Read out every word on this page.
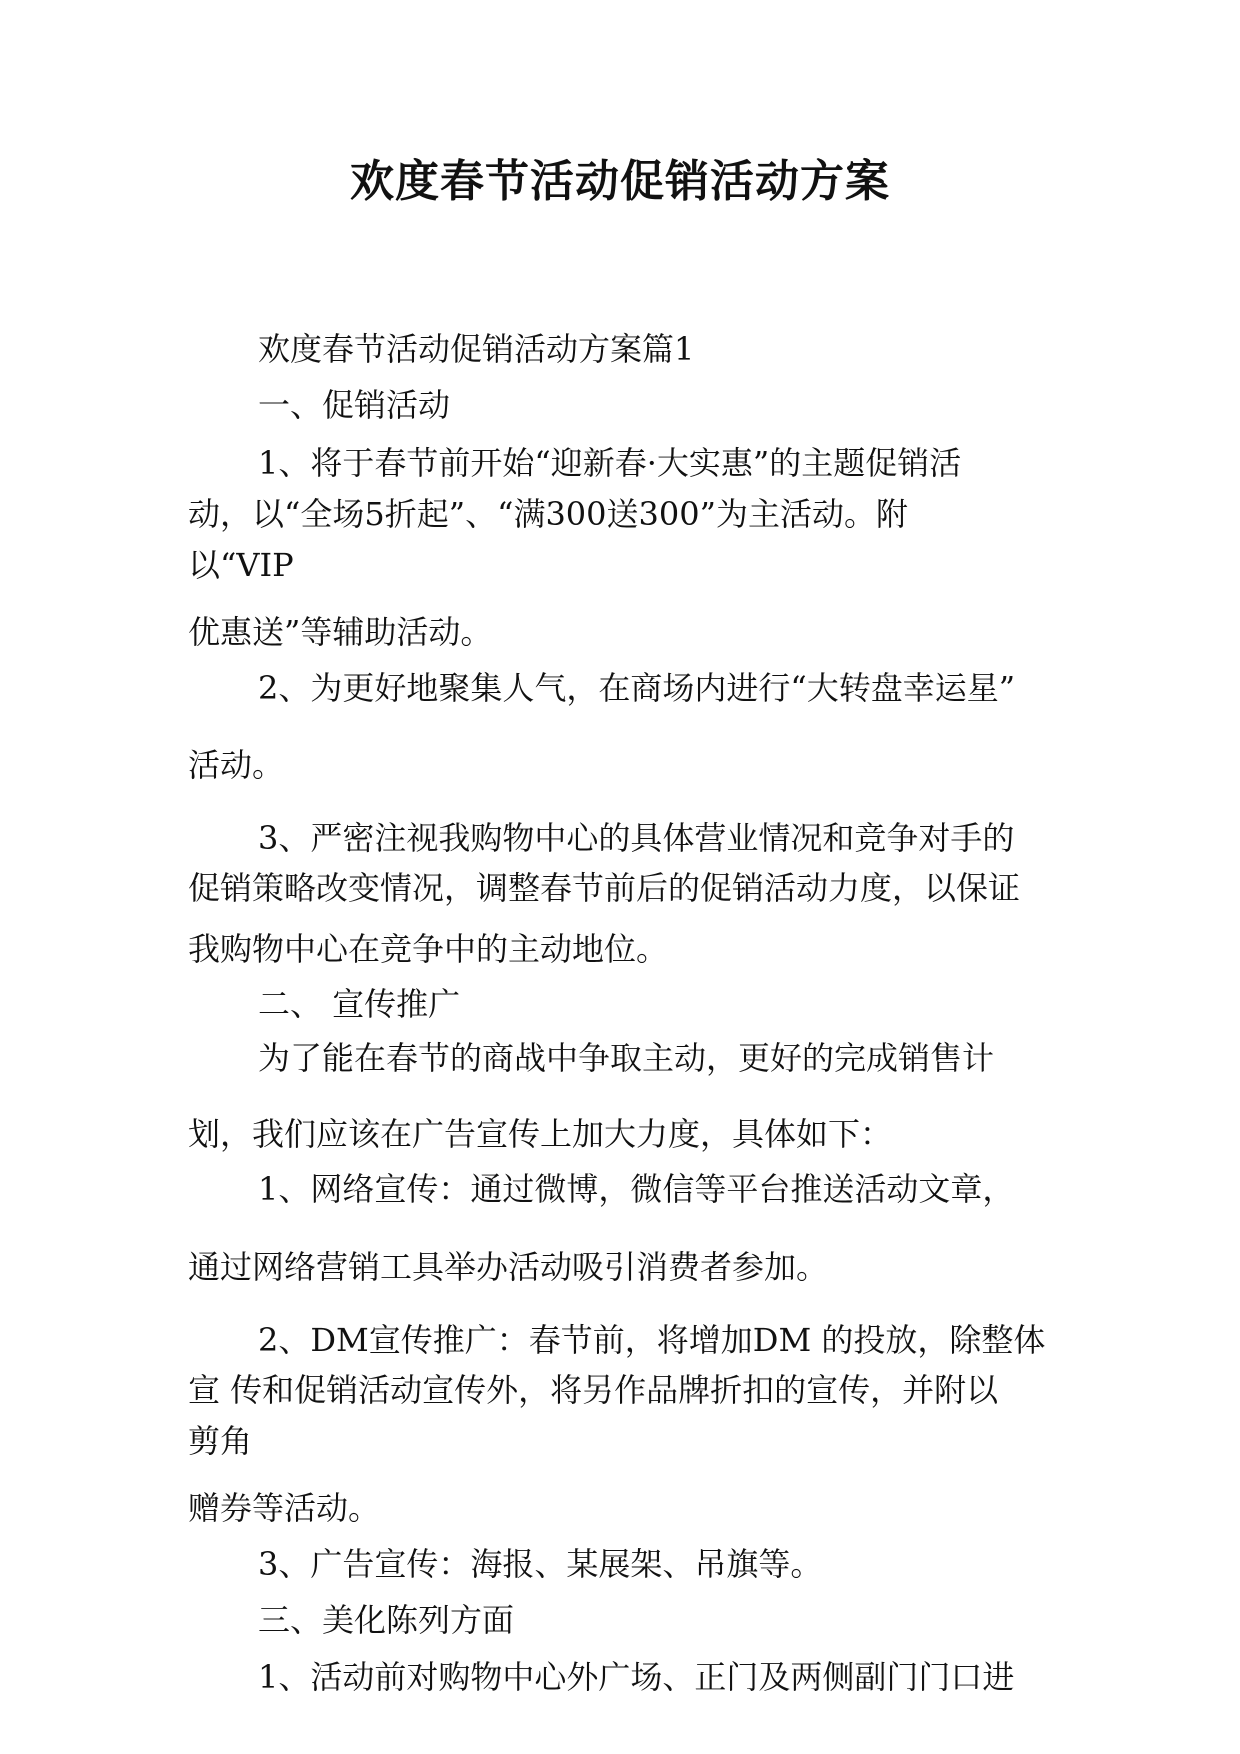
欢度春节活动促销活动方案

欢度春节活动促销活动方案篇1

一、促销活动

1、将于春节前开始“迎新春·大实惠”的主题促销活

动，以“全场5折起”、“满300送300”为主活动。附

以“VIP

优惠送”等辅助活动。

2、为更好地聚集人气，在商场内进行“大转盘幸运星”

活动。

3、严密注视我购物中心的具体营业情况和竞争对手的

促销策略改变情况，调整春节前后的促销活动力度，以保证

我购物中心在竞争中的主动地位。

二、 宣传推广

为了能在春节的商战中争取主动，更好的完成销售计

划，我们应该在广告宣传上加大力度，具体如下：

1、网络宣传：通过微博，微信等平台推送活动文章，

通过网络营销工具举办活动吸引消费者参加。

2、DM宣传推广：春节前，将增加DM 的投放，除整体

宣 传和促销活动宣传外，将另作品牌折扣的宣传，并附以

剪角

赠券等活动。

3、广告宣传：海报、某展架、吊旗等。

三、美化陈列方面

1、活动前对购物中心外广场、正门及两侧副门门口进
